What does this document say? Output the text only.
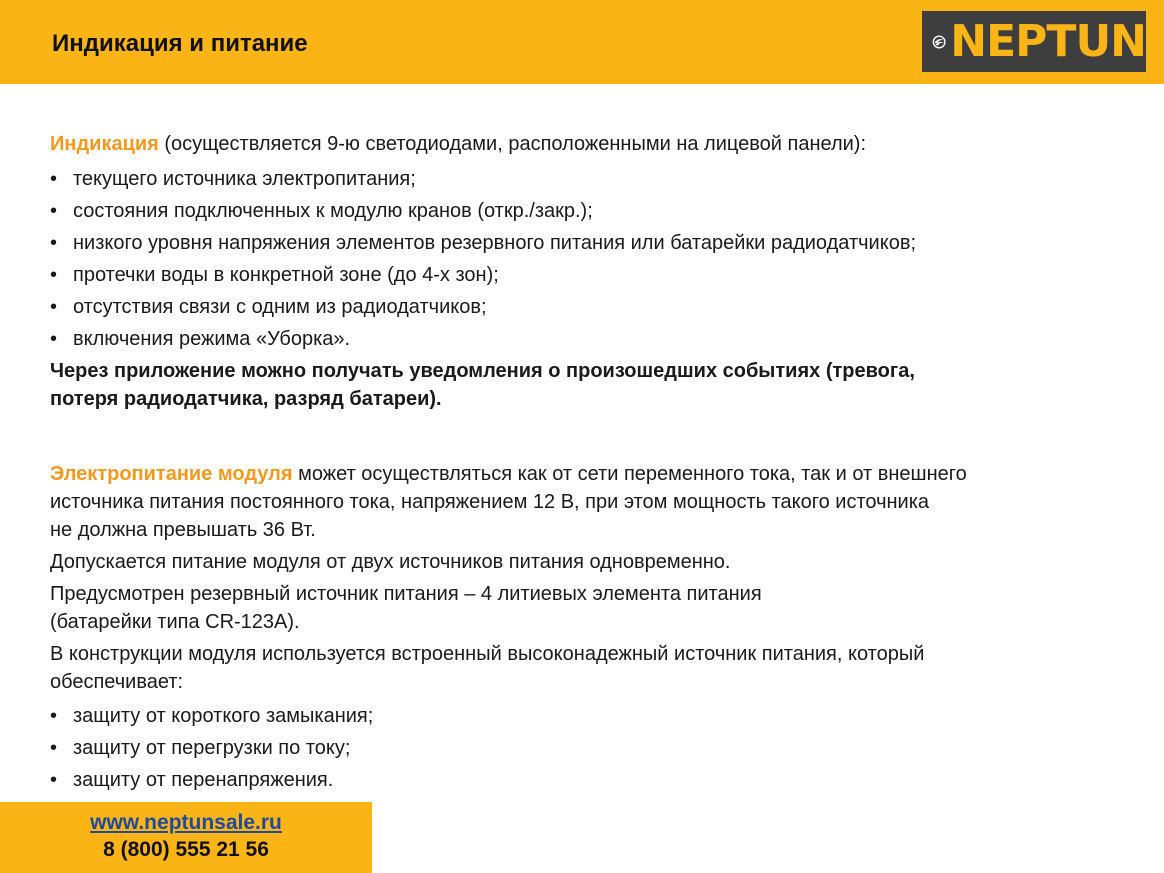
Индикация и питание	NEPTUN

Индикация (осуществляется 9-ю светодиодами, расположенными на лицевой панели):

• текущего источника электропитания;
• состояния подключенных к модулю кранов (откр./закр.);
• низкого уровня напряжения элементов резервного питания или батарейки радиодатчиков;
• протечки воды в конкретной зоне (до 4-х зон);
• отсутствия связи с одним из радиодатчиков;
• включения режима «Уборка».
Через приложение можно получать уведомления о произошедших событиях (тревога,
потеря радиодатчика, разряд батареи).
Электропитание модуля может осуществляться как от сети переменного тока, так и от внешнего
источника питания постоянного тока, напряжением 12 В, при этом мощность такого источника
не должна превышать 36 Вт.
Допускается питание модуля от двух источников питания одновременно.
Предусмотрен резервный источник питания – 4 литиевых элемента питания
(батарейки типа CR-123A).
В конструкции модуля используется встроенный высоконадежный источник питания, который
обеспечивает:
• защиту от короткого замыкания;
• защиту от перегрузки по току;
• защиту от перенапряжения.
www.neptunsale.ru
8 (800) 555 21 56
